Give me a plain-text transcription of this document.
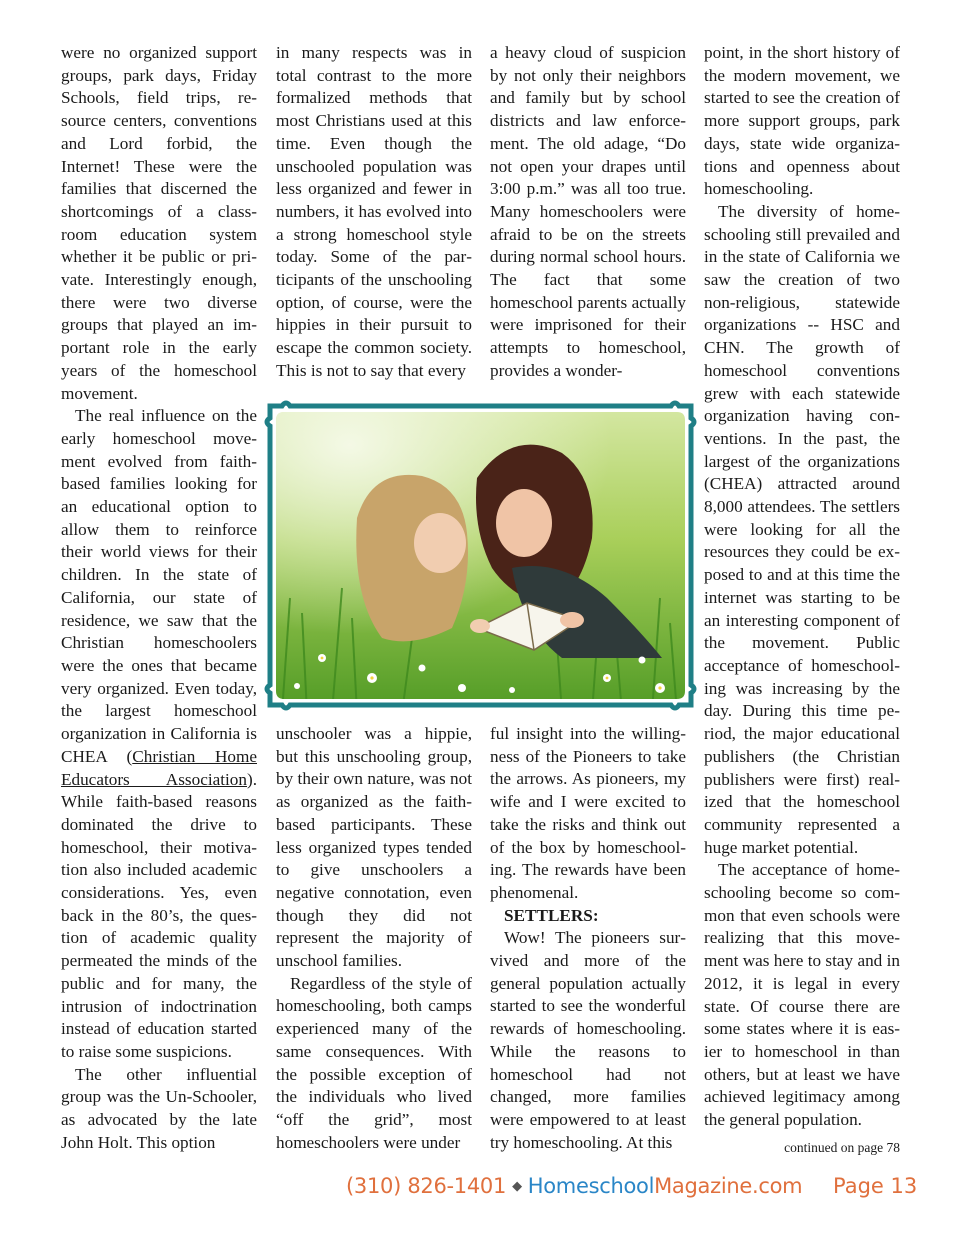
were no organized support groups, park days, Friday Schools, field trips, resource centers, conventions and Lord forbid, the Internet! These were the families that discerned the shortcomings of a classroom education system whether it be public or private. Interestingly enough, there were two diverse groups that played an important role in the early years of the homeschool movement.

The real influence on the early homeschool movement evolved from faith-based families looking for an educational option to allow them to reinforce their world views for their children. In the state of California, our state of residence, we saw that the Christian homeschoolers were the ones that became very organized. Even today, the largest homeschool organization in California is CHEA (Christian Home Educators Association). While faith-based reasons dominated the drive to homeschool, their motivation also included academic considerations. Yes, even back in the 80’s, the question of academic quality permeated the minds of the public and for many, the intrusion of indoctrination instead of education started to raise some suspicions.

The other influential group was the Un-Schooler, as advocated by the late John Holt. This option

in many respects was in total contrast to the more formalized methods that most Christians used at this time. Even though the unschooled population was less organized and fewer in numbers, it has evolved into a strong homeschool style today. Some of the participants of the unschooling option, of course, were the hippies in their pursuit to escape the common society. This is not to say that every

a heavy cloud of suspicion by not only their neighbors and family but by school districts and law enforcement. The old adage, “Do not open your drapes until 3:00 p.m.” was all too true. Many homeschoolers were afraid to be on the streets during normal school hours. The fact that some homeschool parents actually were imprisoned for their attempts to homeschool, provides a wonder-

unschooler was a hippie, but this unschooling group, by their own nature, was not as organized as the faith-based participants. These less organized types tended to give unschoolers a negative connotation, even though they did not represent the majority of unschool families.

Regardless of the style of homeschooling, both camps experienced many of the same consequences. With the possible exception of the individuals who lived “off the grid”, most homeschoolers were under

ful insight into the willingness of the Pioneers to take the arrows. As pioneers, my wife and I were excited to take the risks and think out of the box by homeschooling. The rewards have been phenomenal.

SETTLERS:

Wow! The pioneers survived and more of the general population actually started to see the wonderful rewards of homeschooling. While the reasons to homeschool had not changed, more families were empowered to at least try homeschooling. At this

point, in the short history of the modern movement, we started to see the creation of more support groups, park days, state wide organizations and openness about homeschooling.

The diversity of homeschooling still prevailed and in the state of California we saw the creation of two non-religious, statewide organizations -- HSC and CHN. The growth of homeschool conventions grew with each statewide organization having conventions. In the past, the largest of the organizations (CHEA) attracted around 8,000 attendees. The settlers were looking for all the resources they could be exposed to and at this time the internet was starting to be an interesting component of the movement. Public acceptance of homeschooling was increasing by the day. During this time period, the major educational publishers (the Christian publishers were first) realized that the homeschool community represented a huge market potential.

The acceptance of homeschooling become so common that even schools were realizing that this movement was here to stay and in 2012, it is legal in every state. Of course there are some states where it is easier to homeschool in than others, but at least we have achieved legitimacy among the general population.

continued on page 78
(310) 826-1401 ◆ HomeschoolMagazine.com Page 13
